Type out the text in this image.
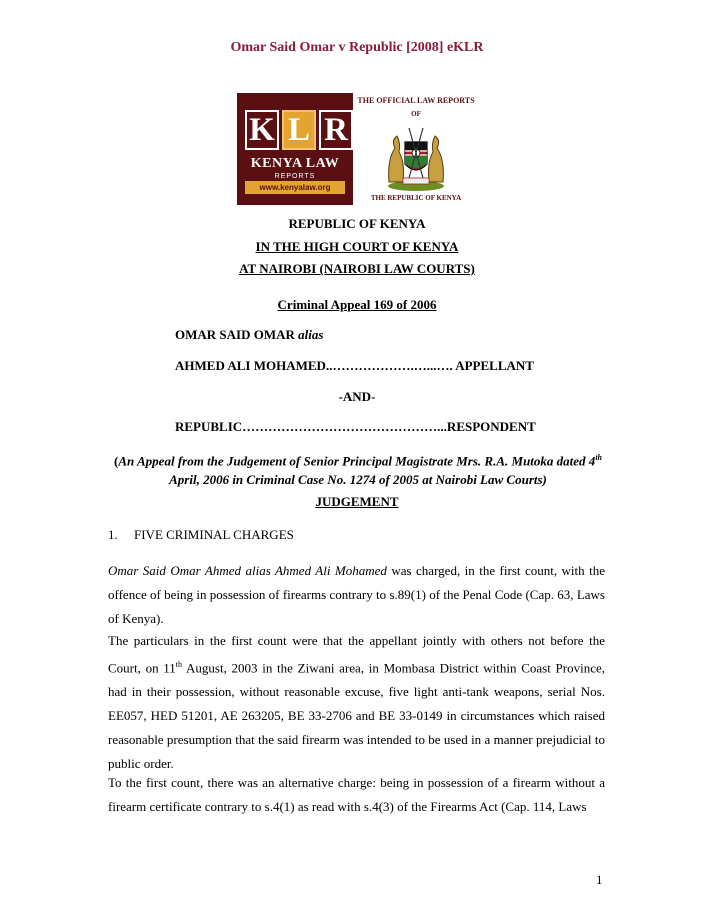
Omar Said Omar v Republic [2008] eKLR
K L R
KENYA LAW
REPORTS
www.kenyalaw.org
THE OFFICIAL LAW REPORTS
OF
THE REPUBLIC OF KENYA
REPUBLIC OF KENYA
IN THE HIGH COURT OF KENYA
AT NAIROBI (NAIROBI LAW COURTS)
Criminal Appeal 169 of 2006
OMAR SAID OMAR alias
AHMED ALI MOHAMED..……………….…...…. APPELLANT
-AND-
REPUBLIC………………………………………...RESPONDENT
(An Appeal from the Judgement of Senior Principal Magistrate Mrs. R.A. Mutoka dated 4th
April, 2006 in Criminal Case No. 1274 of 2005 at Nairobi Law Courts)
JUDGEMENT
1. FIVE CRIMINAL CHARGES
Omar Said Omar Ahmed alias Ahmed Ali Mohamed was charged, in the first count, with the offence of being in possession of firearms contrary to s.89(1) of the Penal Code (Cap. 63, Laws of Kenya).
The particulars in the first count were that the appellant jointly with others not before the Court, on 11th August, 2003 in the Ziwani area, in Mombasa District within Coast Province, had in their possession, without reasonable excuse, five light anti-tank weapons, serial Nos. EE057, HED 51201, AE 263205, BE 33-2706 and BE 33-0149 in circumstances which raised reasonable presumption that the said firearm was intended to be used in a manner prejudicial to public order.
To the first count, there was an alternative charge: being in possession of a firearm without a firearm certificate contrary to s.4(1) as read with s.4(3) of the Firearms Act (Cap. 114, Laws
1
